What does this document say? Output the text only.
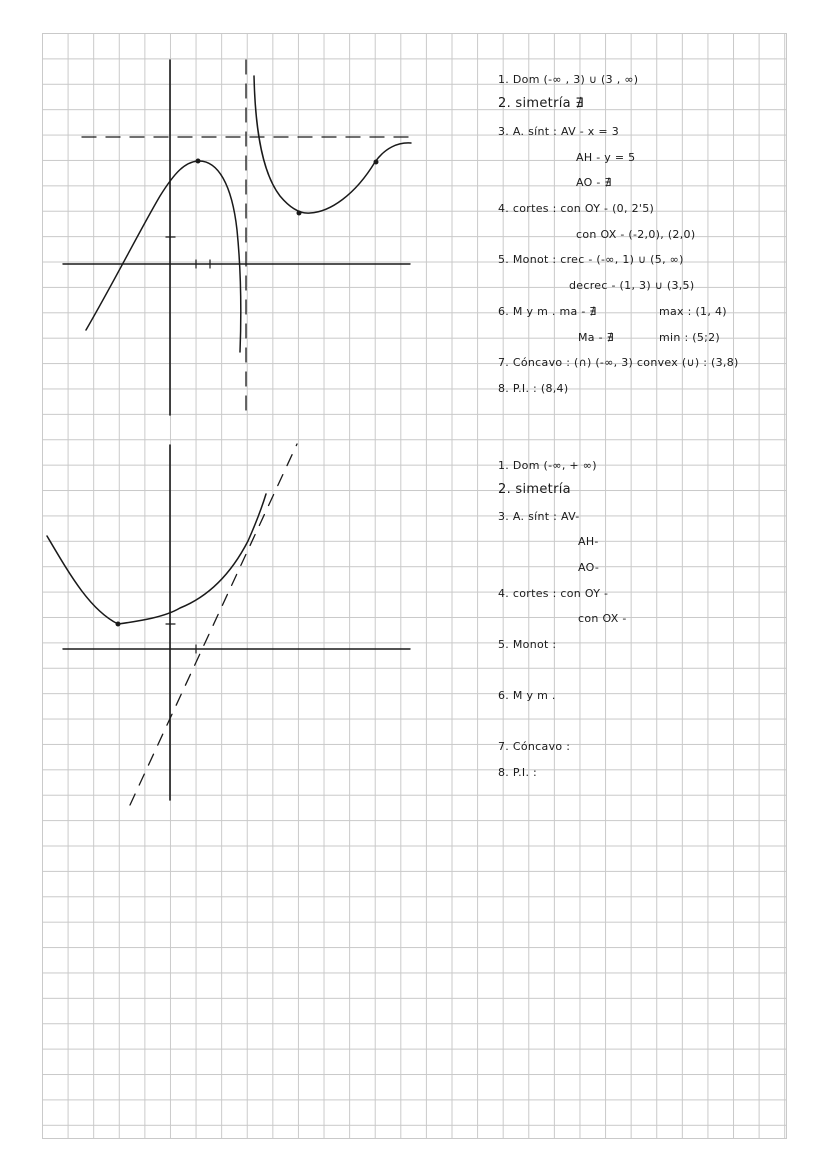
1. Dom (-∞ , 3) ∪ (3 , ∞)
2. simetría ∄
3. A. sínt : AV - x = 3
AH - y = 5
AO - ∄
4. cortes : con OY - (0, 2'5)
con OX - (-2,0), (2,0)
5. Monot : crec - (-∞, 1) ∪ (5, ∞)
decrec - (1, 3) ∪ (3,5)
6. M y m . ma - ∄	max : (1, 4)
Ma - ∄	min : (5;2)
7. Cóncavo : (∩) (-∞, 3) convex (∪) : (3,8)
8. P.I. : (8,4)
1. Dom (-∞, + ∞)
2. simetría
3. A. sínt : AV-
AH-
AO-
4. cortes : con OY -
con OX -
5. Monot :
6. M y m .
7. Cóncavo :
8. P.I. :
